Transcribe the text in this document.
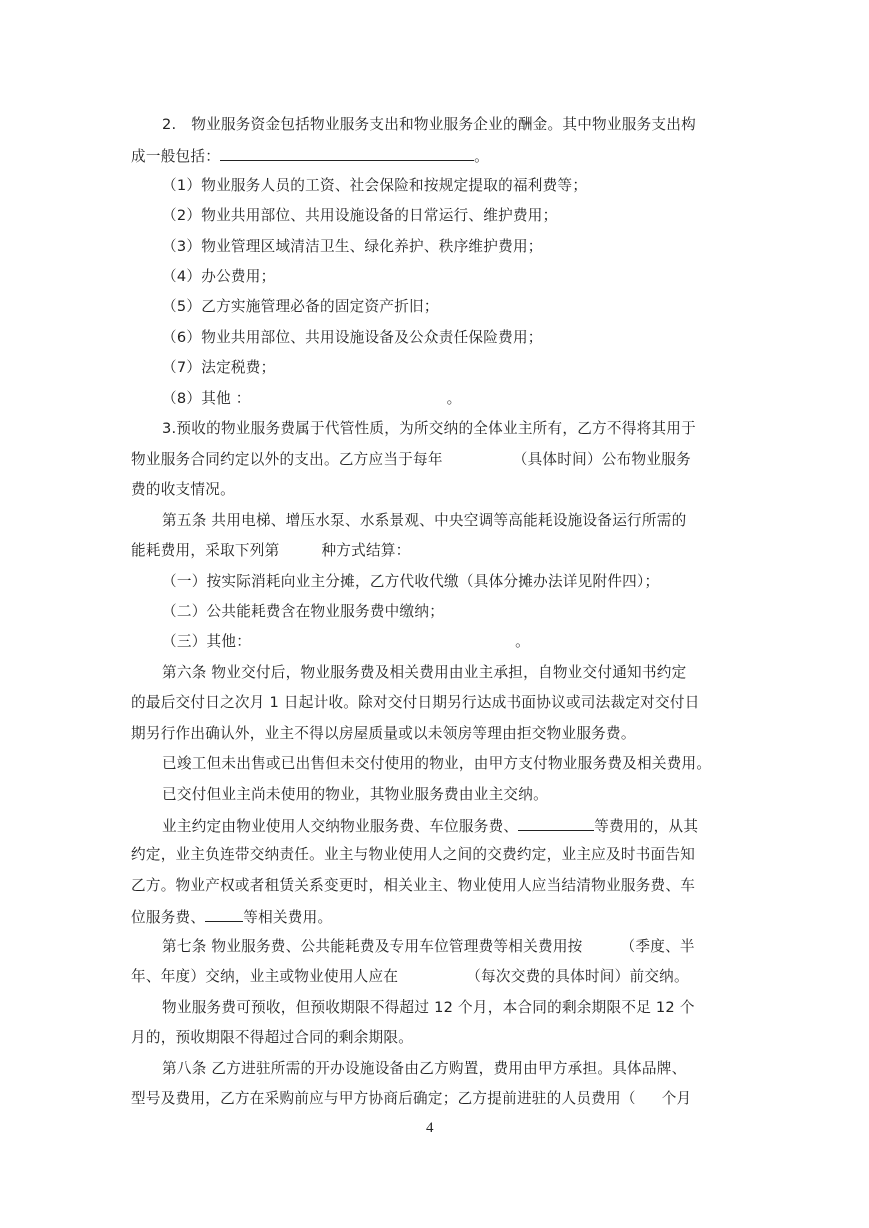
2.　物业服务资金包括物业服务支出和物业服务企业的酬金。其中物业服务支出构
成一般包括：	。
（1）物业服务人员的工资、社会保险和按规定提取的福利费等；
（2）物业共用部位、共用设施设备的日常运行、维护费用；
（3）物业管理区域清洁卫生、绿化养护、秩序维护费用；
（4）办公费用；
（5）乙方实施管理必备的固定资产折旧；
（6）物业共用部位、共用设施设备及公众责任保险费用；
（7）法定税费；
（8）其他 ：	。
3.预收的物业服务费属于代管性质，为所交纳的全体业主所有，乙方不得将其用于
物业服务合同约定以外的支出。乙方应当于每年	（具体时间）公布物业服务
费的收支情况。
第五条 共用电梯、增压水泵、水系景观、中央空调等高能耗设施设备运行所需的
能耗费用，采取下列第	种方式结算：
（一）按实际消耗向业主分摊，乙方代收代缴（具体分摊办法详见附件四）；
（二）公共能耗费含在物业服务费中缴纳；
（三）其他：	。
第六条 物业交付后，物业服务费及相关费用由业主承担，自物业交付通知书约定
的最后交付日之次月 1 日起计收。除对交付日期另行达成书面协议或司法裁定对交付日
期另行作出确认外，业主不得以房屋质量或以未领房等理由拒交物业服务费。
已竣工但未出售或已出售但未交付使用的物业，由甲方支付物业服务费及相关费用。
已交付但业主尚未使用的物业，其物业服务费由业主交纳。
业主约定由物业使用人交纳物业服务费、车位服务费、	等费用的，从其
约定，业主负连带交纳责任。业主与物业使用人之间的交费约定，业主应及时书面告知
乙方。物业产权或者租赁关系变更时，相关业主、物业使用人应当结清物业服务费、车
位服务费、	等相关费用。
第七条 物业服务费、公共能耗费及专用车位管理费等相关费用按	（季度、半
年、年度）交纳，业主或物业使用人应在	（每次交费的具体时间）前交纳。
物业服务费可预收，但预收期限不得超过 12 个月，本合同的剩余期限不足 12 个
月的，预收期限不得超过合同的剩余期限。
第八条 乙方进驻所需的开办设施设备由乙方购置，费用由甲方承担。具体品牌、
型号及费用，乙方在采购前应与甲方协商后确定；乙方提前进驻的人员费用（ 个月
4
